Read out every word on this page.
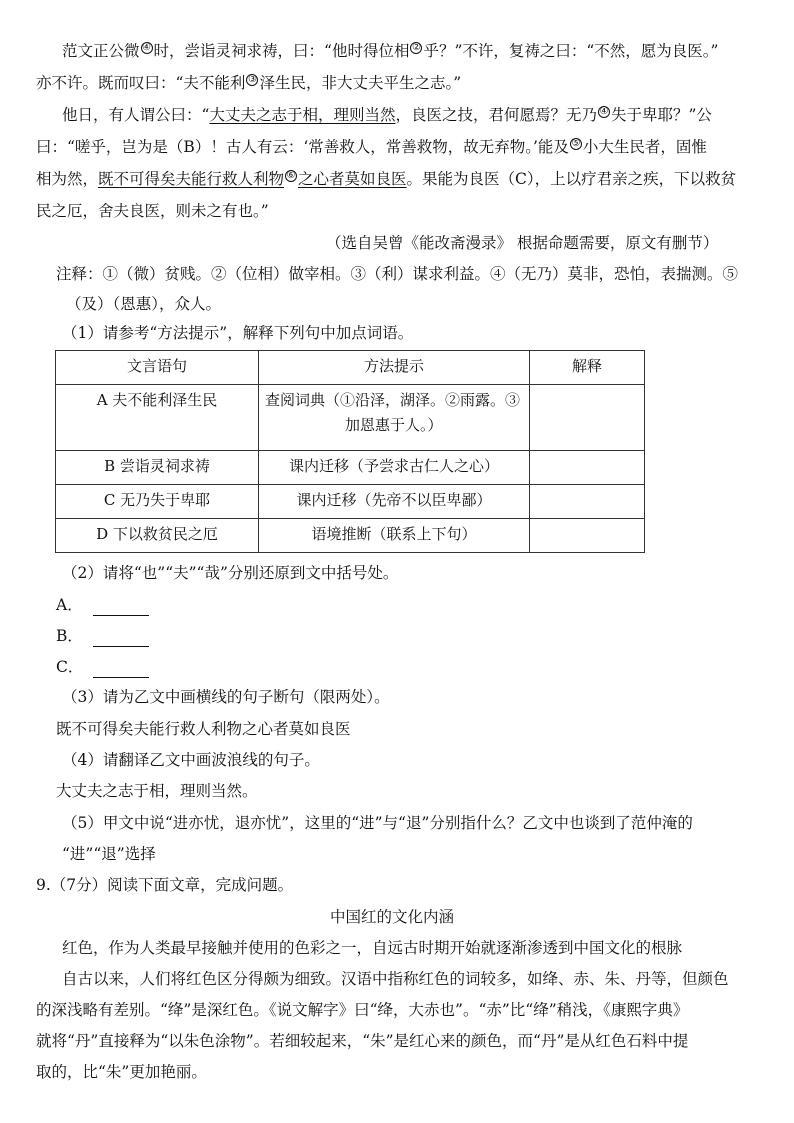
范文正公微 ④ 时，尝诣灵祠求祷，曰：“他时得位相 ② 乎？”不许，复祷之曰：“不然，愿为良医。”
亦不许。既而叹曰：“夫不能利 ③ 泽生民，非大丈夫平生之志。”
他日，有人谓公曰：“大丈夫之志于相，理则当然，良医之技，君何愿焉？无乃 ④ 失于卑耶？”公
曰：“嗟乎，岂为是（B）！古人有云：‘常善救人，常善救物，故无弃物。’能及 ⑤ 小大生民者，固惟
相为然，既不可得矣夫能行救人利物 ⑥ 之心者莫如良医。果能为良医（C），上以疗君亲之疾，下以救贫
民之厄，舍夫良医，则未之有也。”
（选自吴曾《能改斋漫录》 根据命题需要，原文有删节）
注释：①（微）贫贱。②（位相）做宰相。③（利）谋求利益。④（无乃）莫非，恐怕，表揣测。⑤
（及）（恩惠），众人。
（1）请参考“方法提示”，解释下列句中加点词语。
文言语句	方法提示	解释
A 夫不能利泽生民	查阅词典（①沿泽，湖泽。②雨露。③
加恩惠于人。）	

B 尝诣灵祠求祷	课内迁移（予尝求古仁人之心）	
C 无乃失于卑耶	课内迁移（先帝不以臣卑鄙）	
D 下以救贫民之厄	语境推断（联系上下句）	
（2）请将“也”“夫”“哉”分别还原到文中括号处。
A．
B．
C．
（3）请为乙文中画横线的句子断句（限两处）。
既不可得矣夫能行救人利物之心者莫如良医
（4）请翻译乙文中画波浪线的句子。
大丈夫之志于相，理则当然。
（5）甲文中说“进亦忧，退亦忧”，这里的“进”与“退”分别指什么？乙文中也谈到了范仲淹的
“进”“退”选择
9.（7分）阅读下面文章，完成问题。
中国红的文化内涵
红色，作为人类最早接触并使用的色彩之一，自远古时期开始就逐渐渗透到中国文化的根脉
自古以来，人们将红色区分得颇为细致。汉语中指称红色的词较多，如绛、赤、朱、丹等，但颜色
的深浅略有差别。“绛”是深红色。《说文解字》曰“绛，大赤也”。“赤”比“绛”稍浅，《康熙字典》
就将“丹”直接释为“以朱色涂物”。若细较起来，“朱”是红心来的颜色，而“丹”是从红色石料中提
取的，比“朱”更加艳丽。
